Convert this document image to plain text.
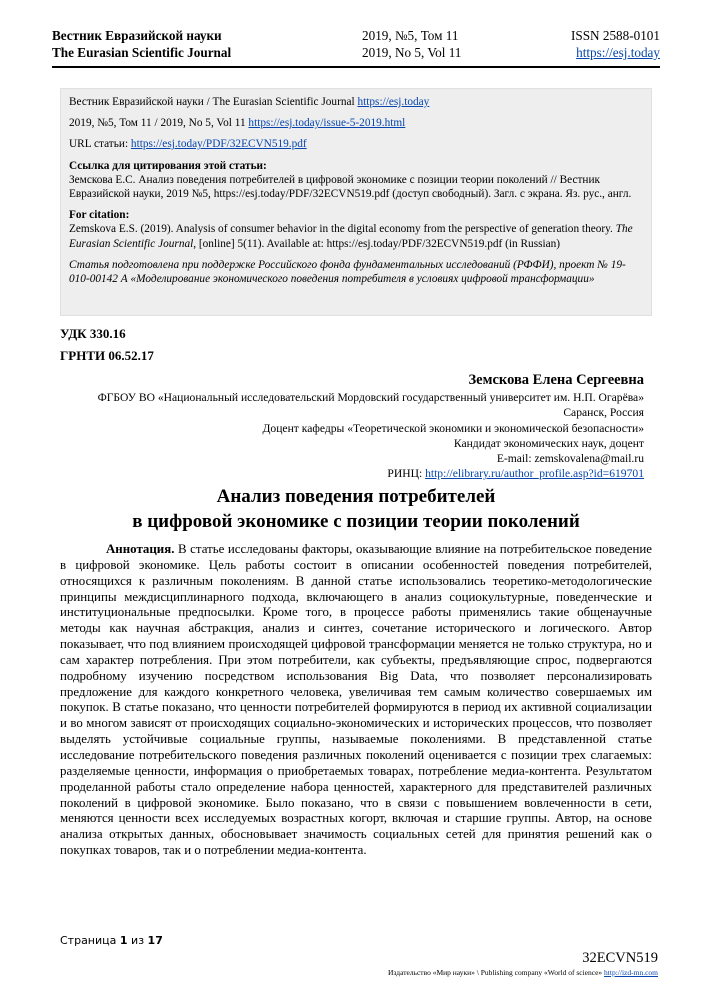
Вестник Евразийской науки
The Eurasian Scientific Journal
2019, №5, Том 11
2019, No 5, Vol 11
ISSN 2588-0101
https://esj.today

Вестник Евразийской науки / The Eurasian Scientific Journal https://esj.today

2019, №5, Том 11 / 2019, No 5, Vol 11 https://esj.today/issue-5-2019.html

URL статьи: https://esj.today/PDF/32ECVN519.pdf

Ссылка для цитирования этой статьи:
Земскова Е.С. Анализ поведения потребителей в цифровой экономике с позиции теории поколений // Вестник Евразийской науки, 2019 №5, https://esj.today/PDF/32ECVN519.pdf (доступ свободный). Загл. с экрана. Яз. рус., англ.
For citation:
Zemskova E.S. (2019). Analysis of consumer behavior in the digital economy from the perspective of generation theory. The Eurasian Scientific Journal, [online] 5(11). Available at: https://esj.today/PDF/32ECVN519.pdf (in Russian)
Статья подготовлена при поддержке Российского фонда фундаментальных исследований (РФФИ), проект № 19-010-00142 А «Моделирование экономического поведения потребителя в условиях цифровой трансформации»
УДК 330.16
ГРНТИ 06.52.17
Земскова Елена Сергеевна
ФГБОУ ВО «Национальный исследовательский Мордовский государственный университет им. Н.П. Огарёва»
Саранск, Россия
Доцент кафедры «Теоретической экономики и экономической безопасности»
Кандидат экономических наук, доцент
E-mail: zemskovalena@mail.ru
РИНЦ: http://elibrary.ru/author_profile.asp?id=619701
Анализ поведения потребителей
в цифровой экономике с позиции теории поколений
Аннотация. В статье исследованы факторы, оказывающие влияние на потребительское поведение в цифровой экономике. Цель работы состоит в описании особенностей поведения потребителей, относящихся к различным поколениям. В данной статье использовались теоретико-методологические принципы междисциплинарного подхода, включающего в анализ социокультурные, поведенческие и институциональные предпосылки. Кроме того, в процессе работы применялись такие общенаучные методы как научная абстракция, анализ и синтез, сочетание исторического и логического. Автор показывает, что под влиянием происходящей цифровой трансформации меняется не только структура, но и сам характер потребления. При этом потребители, как субъекты, предъявляющие спрос, подвергаются подробному изучению посредством использования Big Data, что позволяет персонализировать предложение для каждого конкретного человека, увеличивая тем самым количество совершаемых им покупок. В статье показано, что ценности потребителей формируются в период их активной социализации и во многом зависят от происходящих социально-экономических и исторических процессов, что позволяет выделять устойчивые социальные группы, называемые поколениями. В представленной статье исследование потребительского поведения различных поколений оценивается с позиции трех слагаемых: разделяемые ценности, информация о приобретаемых товарах, потребление медиа-контента. Результатом проделанной работы стало определение набора ценностей, характерного для представителей различных поколений в цифровой экономике. Было показано, что в связи с повышением вовлеченности в сети, меняются ценности всех исследуемых возрастных когорт, включая и старшие группы. Автор, на основе анализа открытых данных, обосновывает значимость социальных сетей для принятия решений как о покупках товаров, так и о потреблении медиа-контента.
Страница 1 из 17
32ECVN519
Издательство «Мир науки» \ Publishing company «World of science» http://izd-mn.com
